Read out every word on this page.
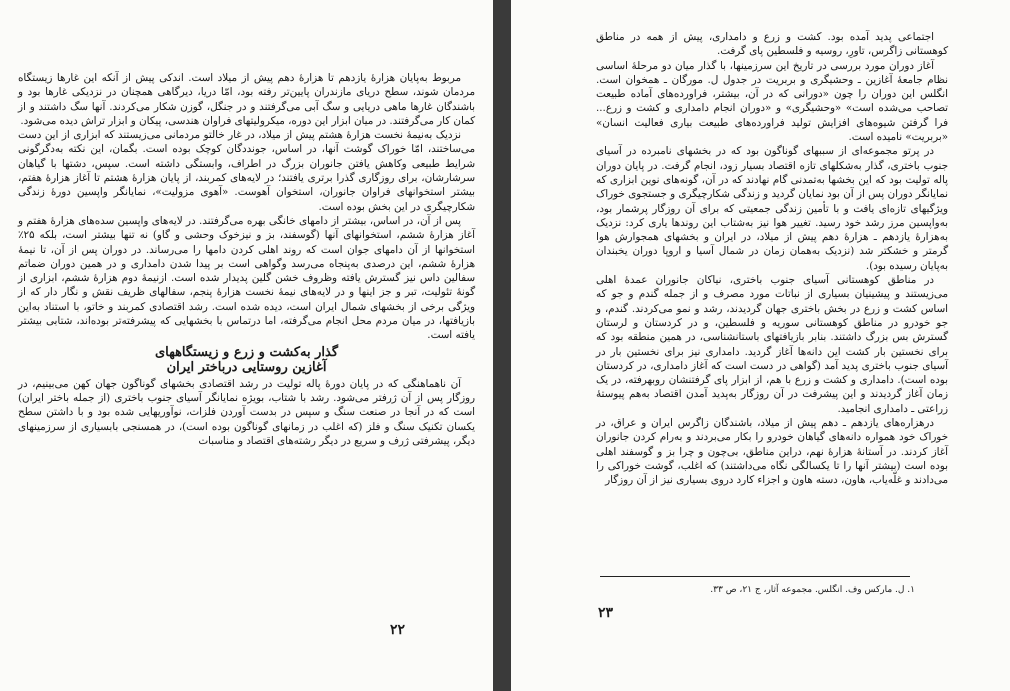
مربوط به‌پایان هزارهٔ یازدهم تا هزارهٔ دهم پیش از میلاد است. اندکی پیش از آنکه این غارها زیستگاه مردمان شوند، سطح دریای مازندران پایین‌تر رفته بود، امّا دریا، دیرگاهی همچنان در نزدیکی غارها بود و باشندگان غارها ماهی دریایی و سگ آبی می‌گرفتند و در جنگل، گوزن شکار می‌کردند. آنها سگ داشتند و از کمان کار می‌گرفتند. در میان ابزار این دوره، میکرولیتهای فراوان هندسی، پیکان و ابزار تراش دیده می‌شود.

نزدیک به‌نیمهٔ نخست هزارهٔ هشتم پیش از میلاد، در غار خالتو مردمانی می‌زیستند که ابزاری از این دست می‌ساختند، امّا خوراک گوشت آنها، در اساس، جونددگان کوچک بوده است. بگمان، این نکته به‌دگرگونی شرایط طبیعی وکاهش یافتن جانوران بزرگ در اطراف، وابستگی داشته است. سپس، دشتها با گیاهان سرشارشان، برای روزگاری گذرا برتری یافتند؛ در لایه‌های کمربند، از پایان هزارهٔ هشتم تا آغاز هزارهٔ هفتم، بیشتر استخوانهای فراوان جانوران، استخوان آهوست. «آهوی مزولیت»، نمایانگر واپسین دورهٔ زندگی شکارچیگری در این بخش بوده است.

پس از آن، در اساس، بیشتر از دامهای خانگی بهره می‌گرفتند. در لایه‌های واپسین سده‌های هزارهٔ هفتم و آغاز هزارهٔ ششم، استخوانهای آنها (گوسفند، بز و نیزخوک وحشی و گاو) نه تنها بیشتر است، بلکه ۲۵٪ استخوانها از آن دامهای جوان است که روند اهلی کردن دامها را می‌رساند. در دوران پس از آن، تا نیمهٔ هزارهٔ ششم، این درصدی به‌پنجاه می‌رسد وگواهی است بر پیدا شدن دامداری و در همین دوران ضماتم سفالین داس نیز گسترش یافته وظروف خشن گلین پدیدار شده است. ازنیمهٔ دوم هزارهٔ ششم، ابزاری از گونهٔ تئولیت، تبر و جز اینها و در لایه‌های نیمهٔ نخست هزارهٔ پنجم، سفالهای ظریف نقش و نگار دار که از ویژگی برخی از بخشهای شمال ایران است، دیده شده است. رشد اقتصادی کمربند و خاتو، با استناد به‌این بازیافتها، در میان مردم محل انجام می‌گرفته، اما درتماس با بخشهایی که پیشرفته‌تر بوده‌اند، شتابی بیشتر یافته است.

گذار به‌کشت و زرع و زیستگاههای

آغازین روستایی درباختر ایران

آن ناهماهنگی که در پایان دورهٔ پاله تولیت در رشد اقتصادی بخشهای گوناگون جهان کهن می‌بینیم، در روزگار پس از آن ژرفتر می‌شود. رشد با شتاب، بویژه نمایانگر آسیای جنوب باختری (از جمله باختر ایران) است که در آنجا در صنعت سنگ و سپس در بدست آوردن فلزات، نوآوریهایی شده بود و با داشتن سطح یکسان تکنیک سنگ و فلز (که اغلب در زمانهای گوناگون بوده است)، در همسنجی بابسیاری از سرزمینهای دیگر، پیشرفتی ژرف و سریع در دیگر رشته‌های اقتصاد و مناسبات

۲۲

اجتماعی پدید آمده بود. کشت و زرع و دامداری، پیش از همه در مناطق کوهستانی زاگرس، تاورِ، روسیه و فلسطین پای گرفت.

آغاز دوران مورد بررسی در تاریخ این سرزمینها، با گذار میان دو مرحلهٔ اساسی نظام جامعهٔ آغازین ـ وحشیگری و بربریت در جدول ل. مورگان ـ همخوان است. انگلس این دوران را چون «دورانی که در آن، بیشتر، فراورده‌های آماده طبیعت تصاحب می‌شده است» «وحشیگری» و «دوران انجام دامداری و کشت و زرع... فرا گرفتن شیوه‌های افزایش تولید فراورده‌های طبیعت بیاری فعالیت انسان» «بربریت» نامیده است.

در پرتو مجموعه‌ای از سببهای گوناگون بود که در بخشهای نامبرده در آسیای جنوب باختری، گذار به‌شکلهای تازه اقتصاد بسیار زود، انجام گرفت. در پایان دوران پاله تولیت بود که این بخشها به‌تمدنی گام نهادند که در آن، گونه‌های نوین ابزاری که نمایانگر دوران پس از آن بود نمایان گردید و زندگی شکارچیگری و جستجوی خوراک ویژگیهای تازه‌ای یافت و با تأمین زندگی جمعیتی که برای آن روزگار پرشمار بود، به‌واپسین مرز رشد خود رسید. تغییر هوا نیز به‌شتاب این روندها یاری کرد: نزدیک به‌هزارهٔ یازدهم ـ هزارهٔ دهم پیش از میلاد، در ایران و بخشهای همجوارش هوا گرمتر و خشکتر شد (نزدیک به‌همان زمان در شمال آسیا و اروپا دوران یخبندان به‌پایان رسیده بود).

در مناطق کوهستانی آسیای جنوب باختری، نیاکان جانوران عمدهٔ اهلی می‌زیستند و پیشینیان بسیاری از نباتات مورد مصرف و از جمله گندم و جو که اساس کشت و زرع در بخش باختری جهان گردیدند، رشد و نمو می‌کردند. گندم، و جو خودرو در مناطق کوهستانی سوریه و فلسطین، و در کردستان و لرستان گسترش بس بزرگ داشتند. بنابر بازیافتهای باستانشناسی، در همین منطقه بود که برای نخستین بار کشت این دانه‌ها آغاز گردید. دامداری نیز برای نخستین بار در آسیای جنوب باختری پدید آمد (گواهی در دست است که آغاز دامداری، در کردستان بوده است). دامداری و کشت و زرع با هم، از ابزار پای گرفتنشان روبهرفته، در یک زمان آغاز گردیدند و این پیشرفت در آن روزگار به‌پدید آمدن اقتصاد به‌هم پیوستهٔ زراعتی ـ دامداری انجامید.

درهزاره‌های یازدهم ـ دهم پیش از میلاد، باشندگان زاگرس ایران و عراق، در خوراک خود همواره دانه‌های گیاهان خودرو را بکار می‌بردند و به‌رام کردن جانوران آغاز کردند. در آستانهٔ هزارهٔ نهم، دراین مناطق، بی‌چون و چرا بز و گوسفند اهلی بوده است (بیشتر آنها را تا یکسالگی نگاه می‌داشتند) که اغلب، گوشت خوراکی را می‌دادند و غلّه‌یاب، هاون، دسته هاون و اجزاء کارد دروی بسیاری نیز از آن روزگار

۱. ل. مارکس وف. انگلس. مجموعه آثار، ج ۲۱، ص ۳۳.
۲۳
